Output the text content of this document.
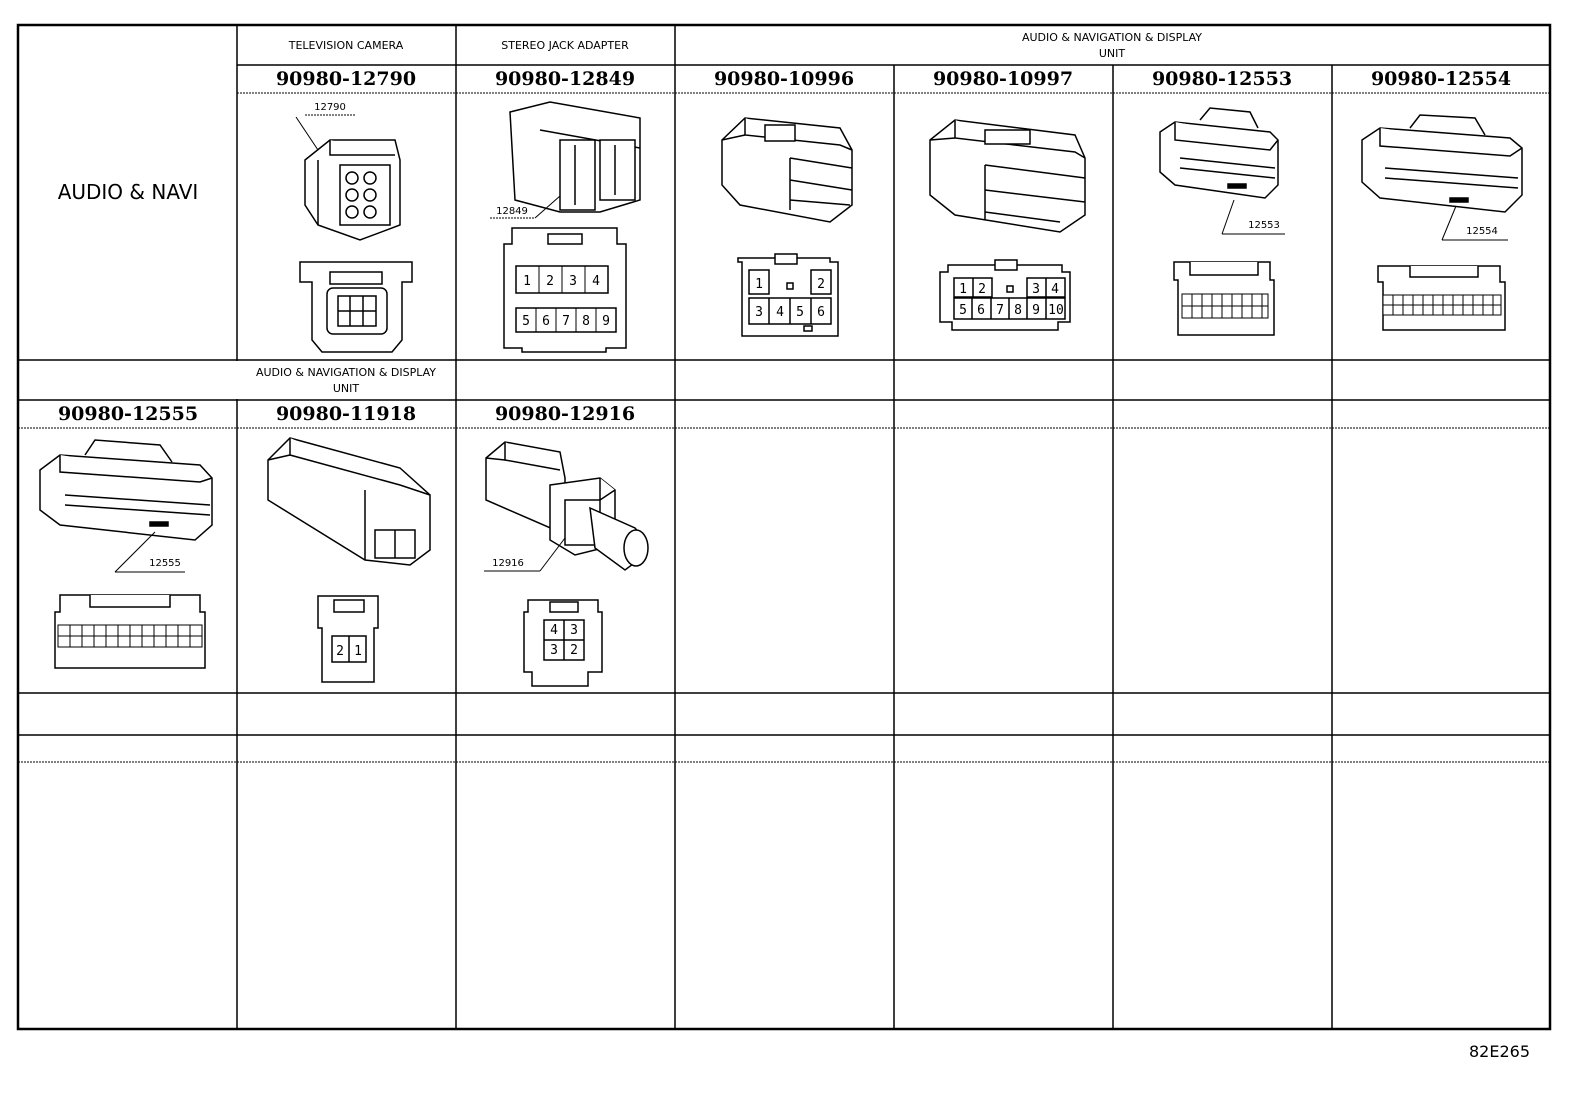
AUDIO & NAVI
TELEVISION CAMERA	STEREO JACK ADAPTER
AUDIO & NAVIGATION & DISPLAY
UNIT
90980-12790	90980-12849	90980-10996	90980-10997	90980-12553	90980-12554
AUDIO & NAVIGATION & DISPLAY
UNIT
90980-12555	90980-11918	90980-12916
12790
12849
1 2 3 4
5 6 7 8 9
1	2
3 4 5 6
1 2	3 4
5 6 7 8 9 10
12553
12554
12555
2 1
4 3
3 2
12916
82E265
